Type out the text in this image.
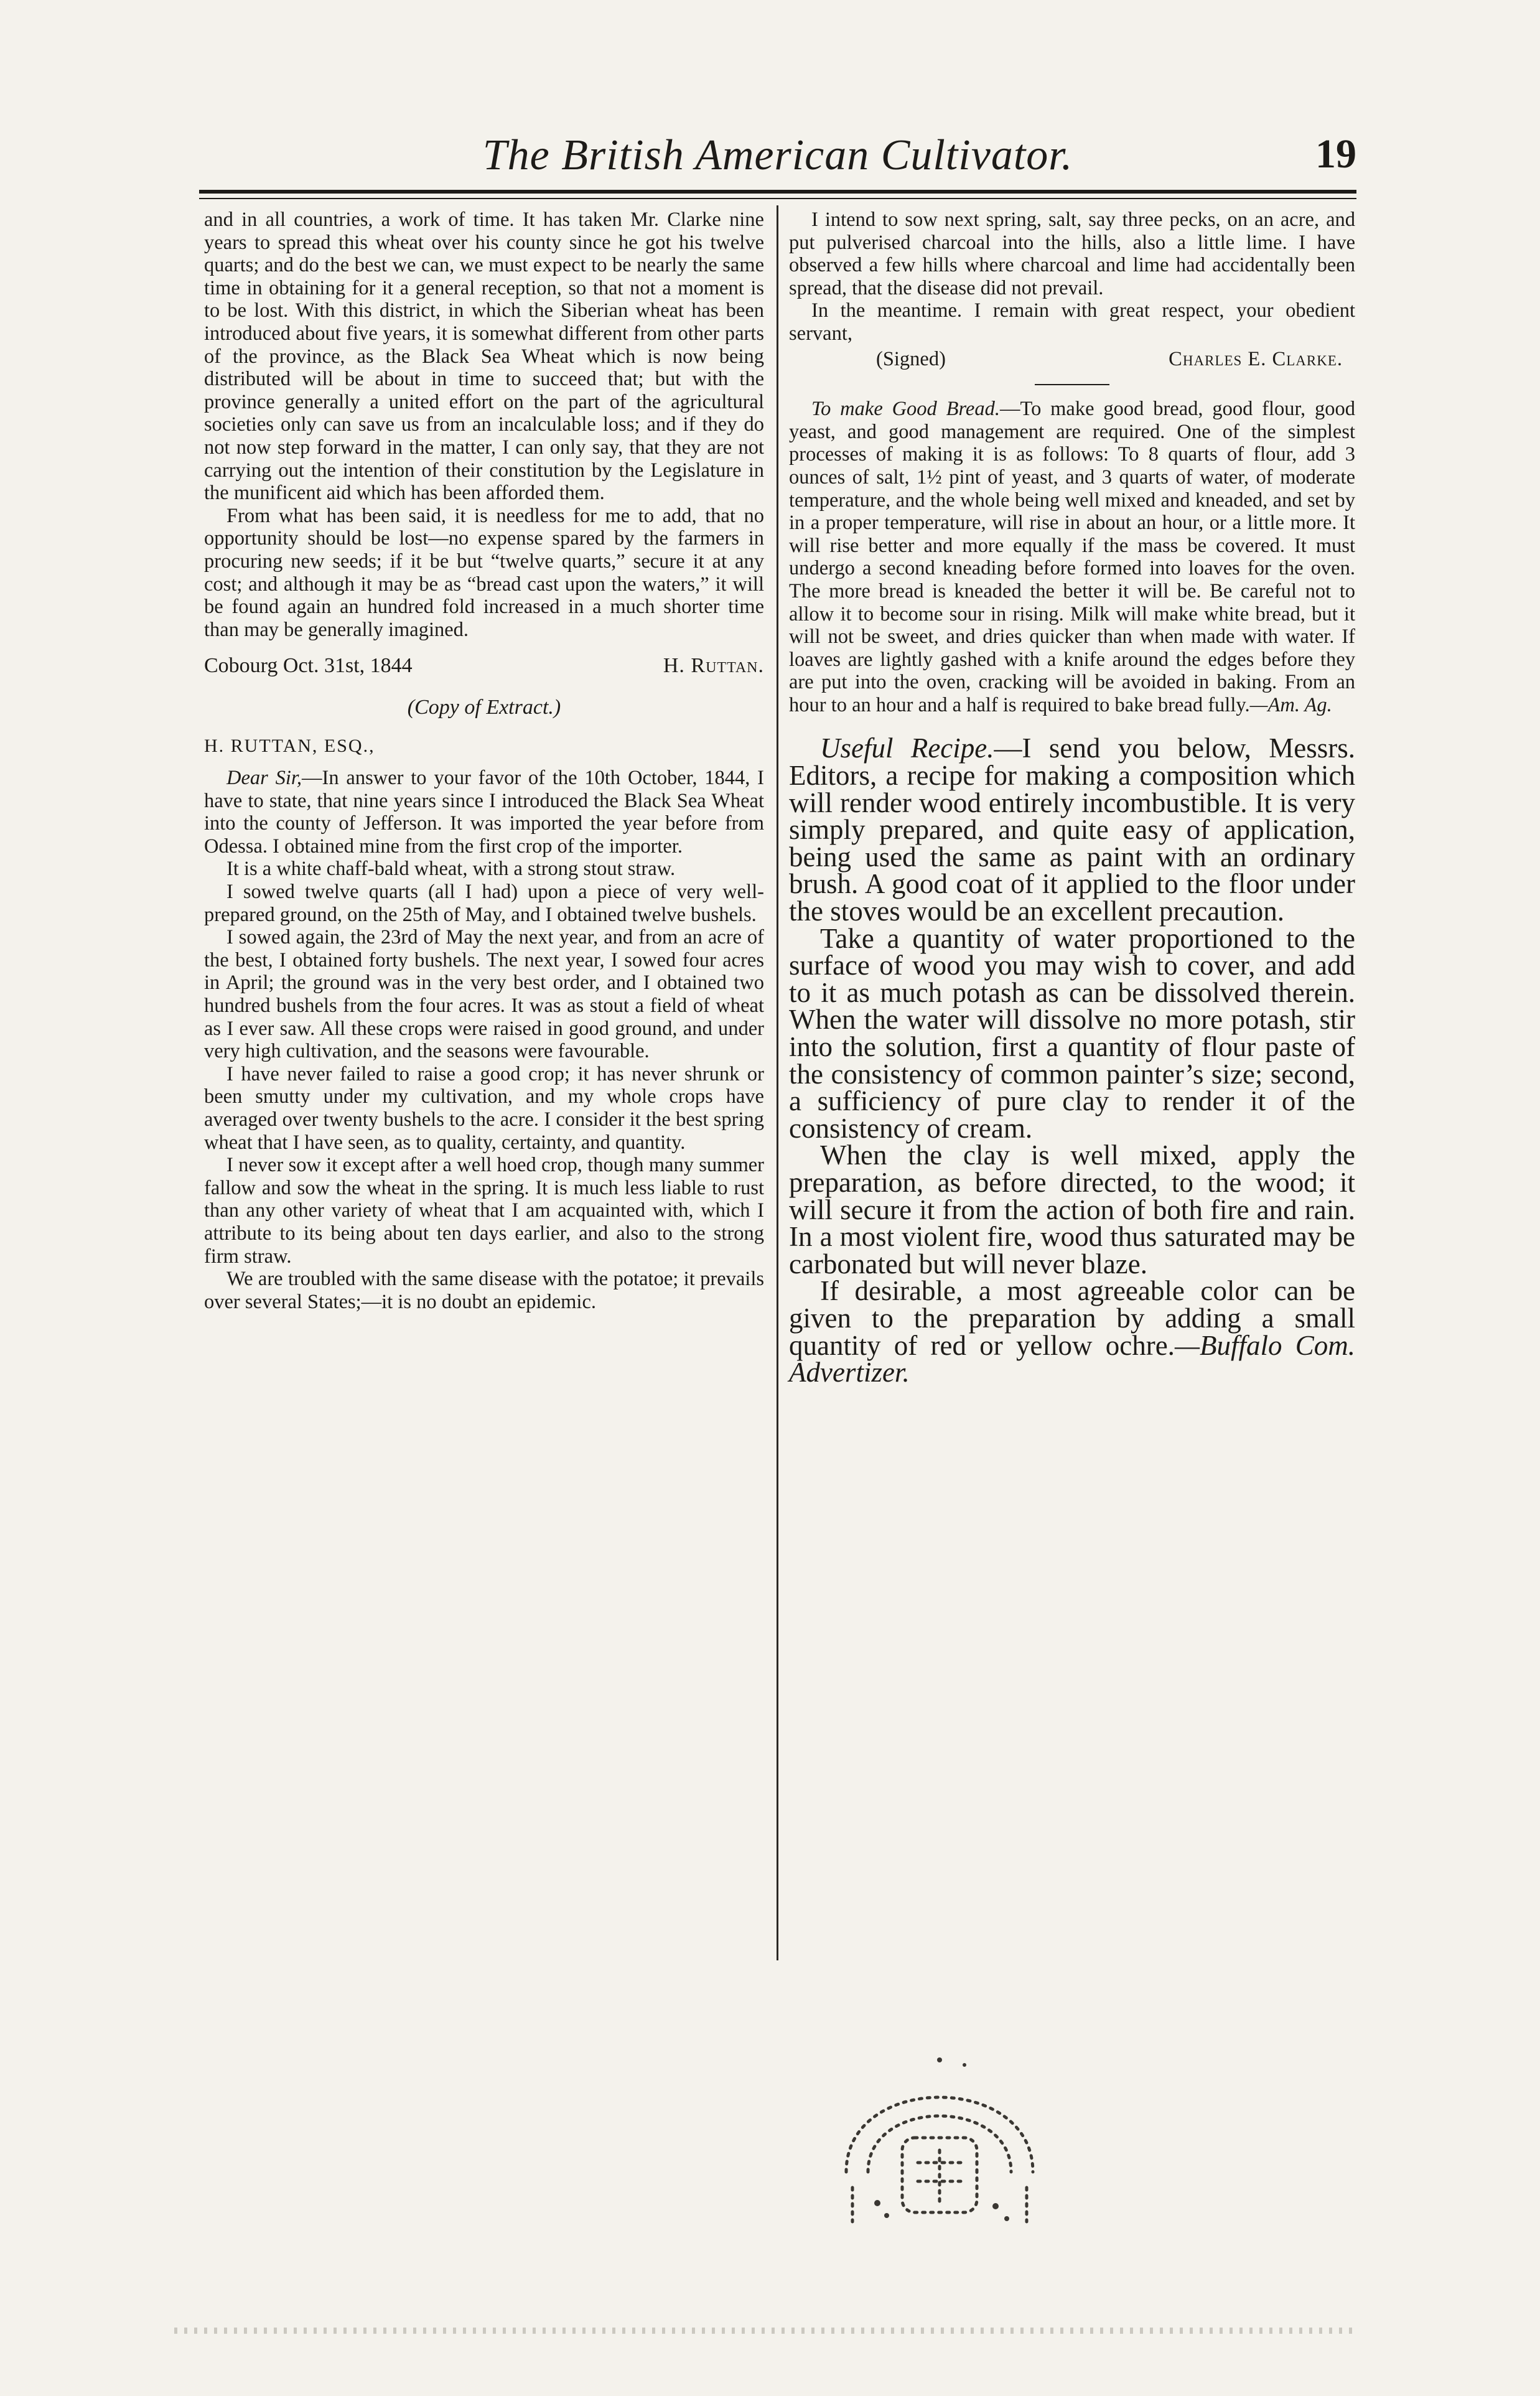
The British American Cultivator.	19

and in all countries, a work of time. It has taken Mr. Clarke nine years to spread this wheat over his county since he got his twelve quarts; and do the best we can, we must expect to be nearly the same time in obtaining for it a general reception, so that not a moment is to be lost. With this district, in which the Siberian wheat has been introduced about five years, it is somewhat different from other parts of the province, as the Black Sea Wheat which is now being distributed will be about in time to succeed that; but with the province generally a united effort on the part of the agricultural societies only can save us from an incalculable loss; and if they do not now step forward in the matter, I can only say, that they are not carrying out the intention of their constitution by the Legislature in the munificent aid which has been afforded them.

From what has been said, it is needless for me to add, that no opportunity should be lost—no expense spared by the farmers in procuring new seeds; if it be but “twelve quarts,” secure it at any cost; and although it may be as “bread cast upon the waters,” it will be found again an hundred fold increased in a much shorter time than may be generally imagined.

Cobourg Oct. 31st, 1844	H. Ruttan.
(Copy of Extract.)
H. RUTTAN, ESQ.,

Dear Sir,—In answer to your favor of the 10th October, 1844, I have to state, that nine years since I introduced the Black Sea Wheat into the county of Jefferson. It was imported the year before from Odessa. I obtained mine from the first crop of the importer.

It is a white chaff-bald wheat, with a strong stout straw.

I sowed twelve quarts (all I had) upon a piece of very well-prepared ground, on the 25th of May, and I obtained twelve bushels.

I sowed again, the 23rd of May the next year, and from an acre of the best, I obtained forty bushels. The next year, I sowed four acres in April; the ground was in the very best order, and I obtained two hundred bushels from the four acres. It was as stout a field of wheat as I ever saw. All these crops were raised in good ground, and under very high cultivation, and the seasons were favourable.

I have never failed to raise a good crop; it has never shrunk or been smutty under my cultivation, and my whole crops have averaged over twenty bushels to the acre. I consider it the best spring wheat that I have seen, as to quality, certainty, and quantity.

I never sow it except after a well hoed crop, though many summer fallow and sow the wheat in the spring. It is much less liable to rust than any other variety of wheat that I am acquainted with, which I attribute to its being about ten days earlier, and also to the strong firm straw.

We are troubled with the same disease with the potatoe; it prevails over several States;—it is no doubt an epidemic.

I intend to sow next spring, salt, say three pecks, on an acre, and put pulverised charcoal into the hills, also a little lime. I have observed a few hills where charcoal and lime had accidentally been spread, that the disease did not prevail.

In the meantime. I remain with great respect, your obedient servant,

(Signed)	Charles E. Clarke.

To make Good Bread.—To make good bread, good flour, good yeast, and good management are required. One of the simplest processes of making it is as follows: To 8 quarts of flour, add 3 ounces of salt, 1½ pint of yeast, and 3 quarts of water, of moderate temperature, and the whole being well mixed and kneaded, and set by in a proper temperature, will rise in about an hour, or a little more. It will rise better and more equally if the mass be covered. It must undergo a second kneading before formed into loaves for the oven. The more bread is kneaded the better it will be. Be careful not to allow it to become sour in rising. Milk will make white bread, but it will not be sweet, and dries quicker than when made with water. If loaves are lightly gashed with a knife around the edges before they are put into the oven, cracking will be avoided in baking. From an hour to an hour and a half is required to bake bread fully.—Am. Ag.

Useful Recipe.—I send you below, Messrs. Editors, a recipe for making a composition which will render wood entirely incombustible. It is very simply prepared, and quite easy of application, being used the same as paint with an ordinary brush. A good coat of it applied to the floor under the stoves would be an excellent precaution.

Take a quantity of water proportioned to the surface of wood you may wish to cover, and add to it as much potash as can be dissolved therein. When the water will dissolve no more potash, stir into the solution, first a quantity of flour paste of the consistency of common painter’s size; second, a sufficiency of pure clay to render it of the consistency of cream.

When the clay is well mixed, apply the preparation, as before directed, to the wood; it will secure it from the action of both fire and rain. In a most violent fire, wood thus saturated may be carbonated but will never blaze.

If desirable, a most agreeable color can be given to the preparation by adding a small quantity of red or yellow ochre.—Buffalo Com. Advertizer.
